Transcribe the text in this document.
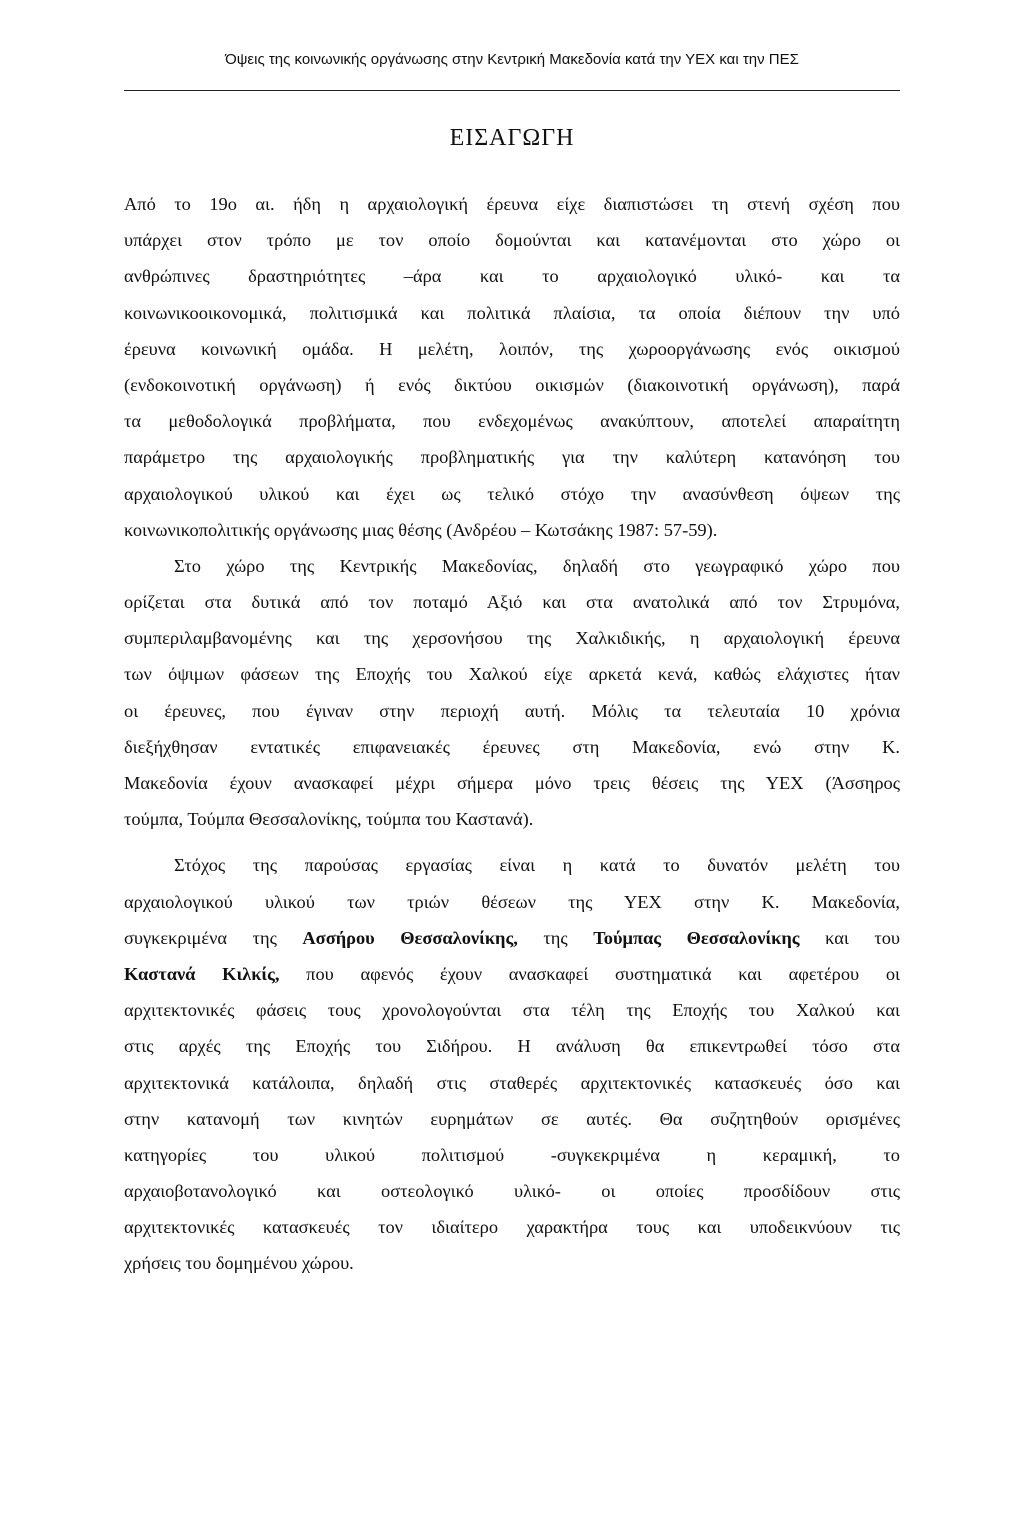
Όψεις της κοινωνικής οργάνωσης στην Κεντρική Μακεδονία κατά την ΥΕΧ και την ΠΕΣ
ΕΙΣΑΓΩΓΗ
Από το 19ο αι. ήδη η αρχαιολογική έρευνα είχε διαπιστώσει τη στενή σχέση που
υπάρχει στον τρόπο με τον οποίο δομούνται και κατανέμονται στο χώρο οι
ανθρώπινες δραστηριότητες –άρα και το αρχαιολογικό υλικό- και τα
κοινωνικοοικονομικά, πολιτισμικά και πολιτικά πλαίσια, τα οποία διέπουν την υπό
έρευνα κοινωνική ομάδα. Η μελέτη, λοιπόν, της χωροοργάνωσης ενός οικισμού
(ενδοκοινοτική οργάνωση) ή ενός δικτύου οικισμών (διακοινοτική οργάνωση), παρά
τα μεθοδολογικά προβλήματα, που ενδεχομένως ανακύπτουν, αποτελεί απαραίτητη
παράμετρο της αρχαιολογικής προβληματικής για την καλύτερη κατανόηση του
αρχαιολογικού υλικού και έχει ως τελικό στόχο την ανασύνθεση όψεων της
κοινωνικοπολιτικής οργάνωσης μιας θέσης (Ανδρέου – Κωτσάκης 1987: 57-59).
Στο χώρο της Κεντρικής Μακεδονίας, δηλαδή στο γεωγραφικό χώρο που
ορίζεται στα δυτικά από τον ποταμό Αξιό και στα ανατολικά από τον Στρυμόνα,
συμπεριλαμβανομένης και της χερσονήσου της Χαλκιδικής, η αρχαιολογική έρευνα
των όψιμων φάσεων της Εποχής του Χαλκού είχε αρκετά κενά, καθώς ελάχιστες ήταν
οι έρευνες, που έγιναν στην περιοχή αυτή. Μόλις τα τελευταία 10 χρόνια
διεξήχθησαν εντατικές επιφανειακές έρευνες στη Μακεδονία, ενώ στην Κ.
Μακεδονία έχουν ανασκαφεί μέχρι σήμερα μόνο τρεις θέσεις της ΥΕΧ (Άσσηρος
τούμπα, Τούμπα Θεσσαλονίκης, τούμπα του Καστανά).
Στόχος της παρούσας εργασίας είναι η κατά το δυνατόν μελέτη του
αρχαιολογικού υλικού των τριών θέσεων της ΥΕΧ στην Κ. Μακεδονία,
συγκεκριμένα της Ασσήρου Θεσσαλονίκης, της Τούμπας Θεσσαλονίκης και του
Καστανά Κιλκίς, που αφενός έχουν ανασκαφεί συστηματικά και αφετέρου οι
αρχιτεκτονικές φάσεις τους χρονολογούνται στα τέλη της Εποχής του Χαλκού και
στις αρχές της Εποχής του Σιδήρου. Η ανάλυση θα επικεντρωθεί τόσο στα
αρχιτεκτονικά κατάλοιπα, δηλαδή στις σταθερές αρχιτεκτονικές κατασκευές όσο και
στην κατανομή των κινητών ευρημάτων σε αυτές. Θα συζητηθούν ορισμένες
κατηγορίες του υλικού πολιτισμού -συγκεκριμένα η κεραμική, το
αρχαιοβοτανολογικό και οστεολογικό υλικό- οι οποίες προσδίδουν στις
αρχιτεκτονικές κατασκευές τον ιδιαίτερο χαρακτήρα τους και υποδεικνύουν τις
χρήσεις του δομημένου χώρου.
